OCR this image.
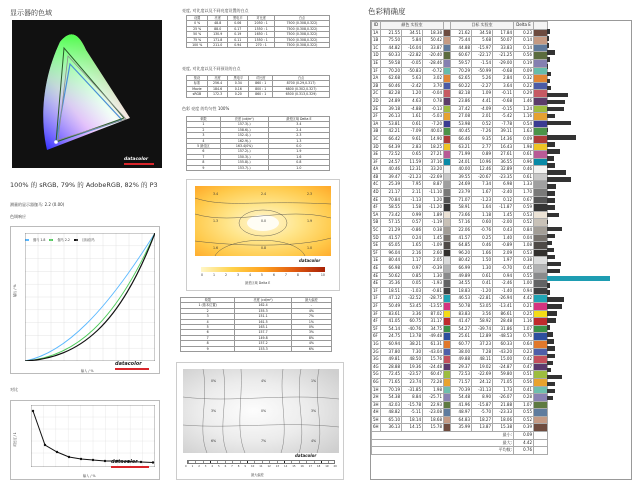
显示器的色域
datacolor
100% 的 sRGB, 79% 的 AdobeRGB, 82% 的 P3
测量的显示器伽马: 2.2 (0.00)
色调响应
伽马 1.8	伽马 2.2	目标伽马
datacolor
输入 / %
输出 / %
对比
datacolor
输入 / %
对比度 / 1
亮度, 对比度以及不同亮度设置的白点
设置	亮度	黑电平	对比度	白点
0 %	48.8	0.06	2050 : 1	7500 (0.308,0.322)
25 %	88.0	0.17	1550 : 1	7500 (0.308,0.322)
50 %	130.9	0.19	1650 : 1	7500 (0.308,0.322)
75 %	171.8	0.11	1550 : 1	7500 (0.308,0.322)
100 %	211.0	0.94	270 : 1	7500 (0.308,0.322)
亮度, 对比度以及不同预设的白点
预设	亮度	黑电平	对比度	白点
标准	256.4	0.34	860 : 1	8700 (0.29,0.317)
Movie	184.6	0.16	800 : 1	6800 (0.302,0.327)
sRGB	172.3	0.20	860 : 1	6500 (0.313,0.329)
色彩 亮度 的均匀性 100%
象限	亮度 (cd/m²)	最差区域 Delta E
1	157.3(-)	3.4
2	158.6(-)	2.4
3	152.4(-)	2.3
4	162.9(-)	1.3
5 最佳区	163.4(0%)	0.0
6	157.2(-)	1.9
7	150.3(-)	1.6
8	155.8(-)	0.8
9	153.7(-)	1.0
3.4	2.4	2.3
1.3	0.0	1.9
1.6	0.8	1.0
datacolor
0	1	2	3	4	5	6	7	8	9	10
最差区域 Delta E
象限	亮度 (cd/m²)	最大偏差
1 (基本位置)	162.4	-
2	155.3	4%
3	151.1	7%
4	161.5	1%
5	163.1	0%
6	157.7	3%
7	149.8	8%
8	157.2	4%
9	153.3	6%
0%	4%	1%
3%	0%	3%
6%	7%	4%
datacolor
0 1 2 3 4 5 6 7 8 9 10 11 12 13 14 15 16 17 18 19 20
最大偏差
色彩精确度
ID	颜色 实验室				目标 实验室			Delta E	
1A	21.55	34.51	18.38		21.62	34.58	17.84	0.23	
1B	75.50	5.84	50.42		75.44	5.68	50.07	0.14	
1C	44.82	-16.04	33.87		44.88	-15.97	33.83	0.14	
1D	60.33	-22.82	-20.40		60.67	-22.17	-21.25	0.56	
1E	59.58	-0.05	-28.46		59.57	-1.54	-29.00	0.19	
1F	70.20	-50.83	-0.72		70.29	-50.99	-0.68	0.09	
2A	62.68	5.63	3.02		62.65	5.26	2.84	0.32	
2B	60.46	-2.42	3.70		60.22	-2.27	3.64	0.22	
2C	82.28	1.20	-0.04		82.18	1.09	-0.11	0.29	
2D	24.89	4.63	0.78		23.86	4.41	-0.68	1.46	
2E	39.18	-4.88	-0.13		37.42	-4.09	-0.15	1.24	
2F	26.13	1.61	-5.03		27.08	2.01	-5.42	1.16	
3A	53.81	0.61	-7.20		53.98	0.52	-7.78	0.54	
3B	42.21	-7.09	40.03		40.45	-7.26	39.11	1.63	
3C	66.42	9.61	14.90		66.46	9.35	14.36	0.09	
3D	64.39	2.83	18.25		63.21	2.77	16.43	1.98	
3E	72.52	0.65	27.21		71.99	0.89	27.61	0.61	
3F	24.57	11.59	37.16		24.01	10.96	36.55	0.96	
4A	40.46	12.31	33.20		40.00	12.46	32.89	0.46	
4B	39.47	-21.23	-22.69		39.55	-20.67	-23.35	0.61	
4C	25.39	7.95	8.87		24.69	7.34	6.98	1.33	
4D	21.17	2.11	-11.10		23.79	1.67	-2.40	1.70	
4E	70.84	-1.13	1.20		71.07	-1.23	0.12	0.67	
4F	58.55	1.58	-11.20		58.91	1.64	-11.87	0.59	
5A	73.42	0.99	1.89		73.66	1.18	1.45	0.53	
5B	57.15	0.57	-1.19		57.16	0.60	-2.00	0.52	
5C	21.29	-0.86	0.38		22.06	-0.76	0.43	0.84	
5D	41.57	0.24	1.45		41.57	0.25	1.40	0.04	
5E	65.05	1.65	-1.09		64.85	0.46	-0.89	1.08	
5F	96.04	2.16	2.60		96.20	1.66	2.09	0.53	
1E	80.44	1.17	2.05		80.42	1.50	1.97	0.38	
4E	66.98	0.97	-0.39		66.99	1.30	-0.70	0.45	
4E	50.62	0.85	1.30		49.89	0.61	0.94	0.55	
4E	35.36	0.05	-1.93		34.55	0.41	-2.46	1.00	
1F	18.51	-1.03	-0.81		18.83	-1.20	-1.40	0.94	
1F	47.12	-32.52	-28.75		46.53	-22.81	-26.94	4.42	
2F	50.49	53.45	-13.55		50.78	53.05	-13.41	0.21	
3F	83.61	3.36	87.02		83.83	3.56	86.61	0.25	
4F	41.05	60.75	31.17		41.47	58.92	28.48	1.16	
5F	54.14	-40.76	34.75		54.27	-39.74	31.86	1.07	
6F	24.75	13.78	-49.48		25.61	12.89	-48.53	0.70	
1G	60.94	38.21	61.31		60.77	37.23	60.33	0.64	
2G	37.80	7.30	-43.04		38.00	7.28	-43.20	0.23	
3G	49.81	48.50	15.76		49.88	48.11	15.00	0.42	
4G	28.88	19.36	-24.48		29.37	19.02	-24.87	0.47	
5G	72.45	-23.57	60.47		72.53	-22.69	59.80	0.51	
6G	71.65	23.74	72.28		71.57	24.12	71.05	0.56	
1H	70.19	-31.85	1.98		70.39	-31.13	1.73	0.41	
2H	54.38	8.84	-25.71		54.48	8.90	-26.07	0.28	
3H	42.03	-15.78	22.93		41.96	-15.87	21.88	1.07	
4H	48.82	-5.11	-23.08		48.97	-5.70	-23.33	0.55	
5H	65.10	18.14	18.68		64.83	18.27	18.06	0.52	
6H	36.13	14.15	15.78		35.99	13.87	15.38	0.39	
最小:								0.09	
最大:								4.42	
平均数:								0.76	
